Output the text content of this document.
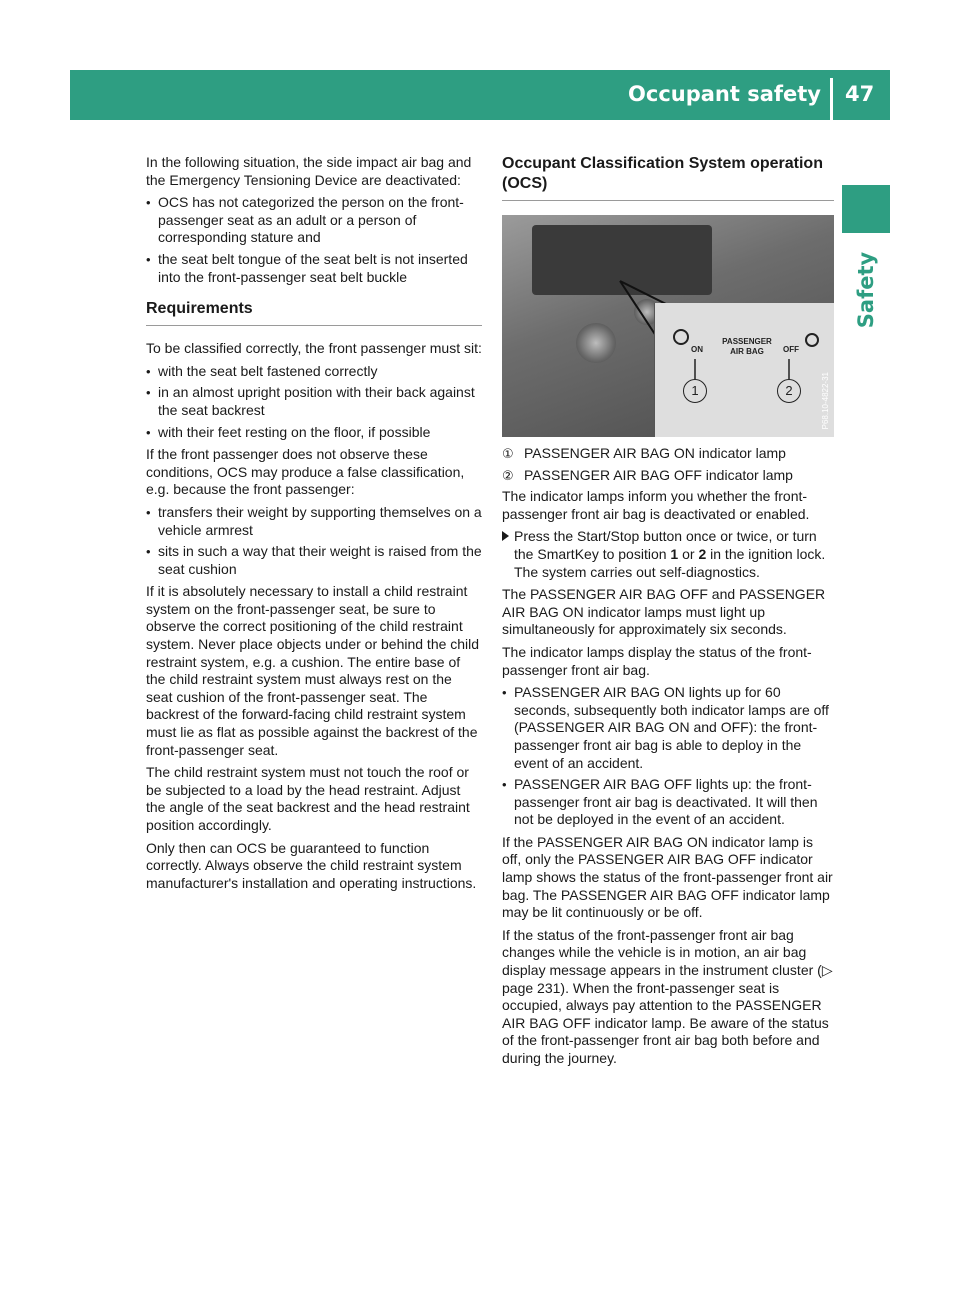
Occupant safety 47
Safety

In the following situation, the side impact air bag and the Emergency Tensioning Device are deactivated:

• OCS has not categorized the person on the front-passenger seat as an adult or a person of corresponding stature and
• the seat belt tongue of the seat belt is not inserted into the front-passenger seat belt buckle
Requirements

To be classified correctly, the front passenger must sit:

• with the seat belt fastened correctly
• in an almost upright position with their back against the seat backrest
• with their feet resting on the floor, if possible

If the front passenger does not observe these conditions, OCS may produce a false classification, e.g. because the front passenger:

• transfers their weight by supporting themselves on a vehicle armrest
• sits in such a way that their weight is raised from the seat cushion

If it is absolutely necessary to install a child restraint system on the front-passenger seat, be sure to observe the correct positioning of the child restraint system. Never place objects under or behind the child restraint system, e.g. a cushion. The entire base of the child restraint system must always rest on the seat cushion of the front-passenger seat. The backrest of the forward-facing child restraint system must lie as flat as possible against the backrest of the front-passenger seat.

The child restraint system must not touch the roof or be subjected to a load by the head restraint. Adjust the angle of the seat backrest and the head restraint position accordingly.

Only then can OCS be guaranteed to function correctly. Always observe the child restraint system manufacturer's installation and operating instructions.

Occupant Classification System operation (OCS)
ON
PASSENGER
AIR BAG	OFF
1	2	P68.10-4822-31
① PASSENGER AIR BAG ON indicator lamp
② PASSENGER AIR BAG OFF indicator lamp

The indicator lamps inform you whether the front-passenger front air bag is deactivated or enabled.

Press the Start/Stop button once or twice, or turn the SmartKey to position 1 or 2 in the ignition lock.
The system carries out self-diagnostics.

The PASSENGER AIR BAG OFF and PASSENGER AIR BAG ON indicator lamps must light up simultaneously for approximately six seconds.

The indicator lamps display the status of the front-passenger front air bag.

• PASSENGER AIR BAG ON lights up for 60 seconds, subsequently both indicator lamps are off (PASSENGER AIR BAG ON and OFF): the front-passenger front air bag is able to deploy in the event of an accident.
• PASSENGER AIR BAG OFF lights up: the front-passenger front air bag is deactivated. It will then not be deployed in the event of an accident.

If the PASSENGER AIR BAG ON indicator lamp is off, only the PASSENGER AIR BAG OFF indicator lamp shows the status of the front-passenger front air bag. The PASSENGER AIR BAG OFF indicator lamp may be lit continuously or be off.

If the status of the front-passenger front air bag changes while the vehicle is in motion, an air bag display message appears in the instrument cluster (▷ page 231). When the front-passenger seat is occupied, always pay attention to the PASSENGER AIR BAG OFF indicator lamp. Be aware of the status of the front-passenger front air bag both before and during the journey.
